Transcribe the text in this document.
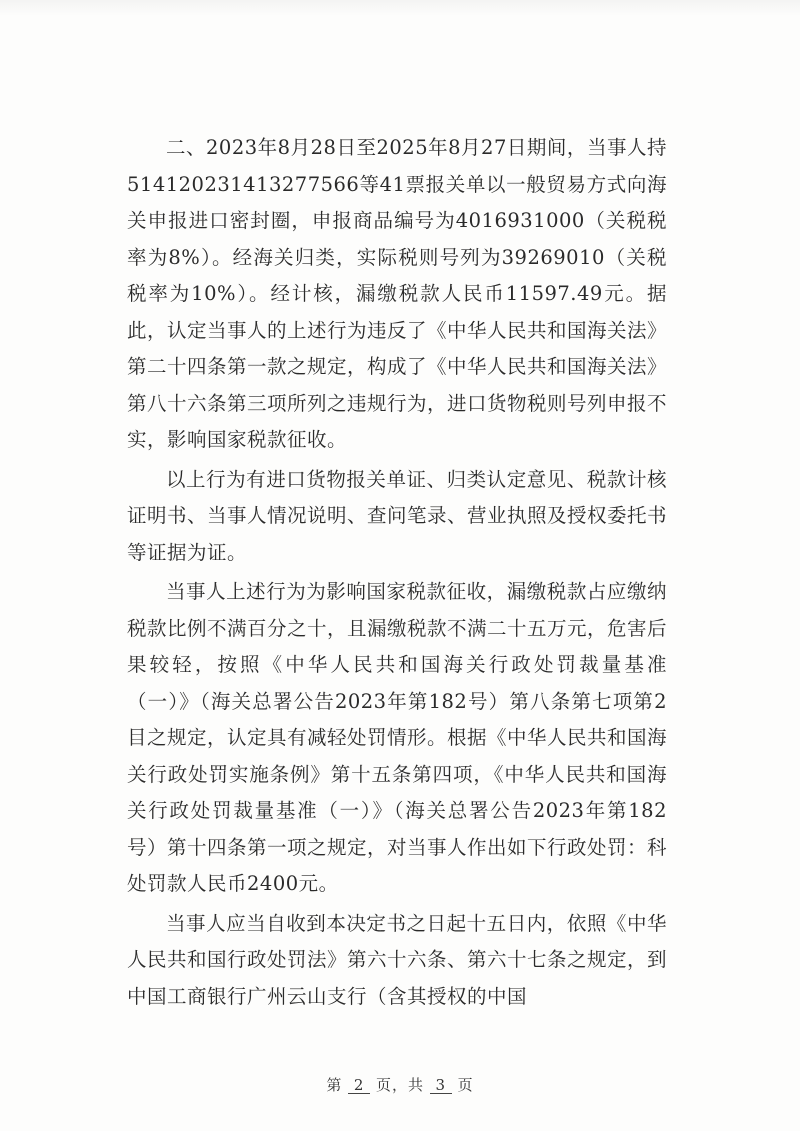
二、2023年8月28日至2025年8月27日期间，当事人持514120231413277566等41票报关单以一般贸易方式向海关申报进口密封圈，申报商品编号为4016931000（关税税率为8%）。经海关归类，实际税则号列为39269010（关税税率为10%）。经计核，漏缴税款人民币11597.49元。据此，认定当事人的上述行为违反了《中华人民共和国海关法》第二十四条第一款之规定，构成了《中华人民共和国海关法》第八十六条第三项所列之违规行为，进口货物税则号列申报不实，影响国家税款征收。

以上行为有进口货物报关单证、归类认定意见、税款计核证明书、当事人情况说明、查问笔录、营业执照及授权委托书等证据为证。

当事人上述行为为影响国家税款征收，漏缴税款占应缴纳税款比例不满百分之十，且漏缴税款不满二十五万元，危害后果较轻，按照《中华人民共和国海关行政处罚裁量基准（一）》（海关总署公告2023年第182号）第八条第七项第2目之规定，认定具有减轻处罚情形。根据《中华人民共和国海关行政处罚实施条例》第十五条第四项，《中华人民共和国海关行政处罚裁量基准（一）》（海关总署公告2023年第182号）第十四条第一项之规定，对当事人作出如下行政处罚：科处罚款人民币2400元。

当事人应当自收到本决定书之日起十五日内，依照《中华人民共和国行政处罚法》第六十六条、第六十七条之规定，到中国工商银行广州云山支行（含其授权的中国

第 2 页，共 3 页
